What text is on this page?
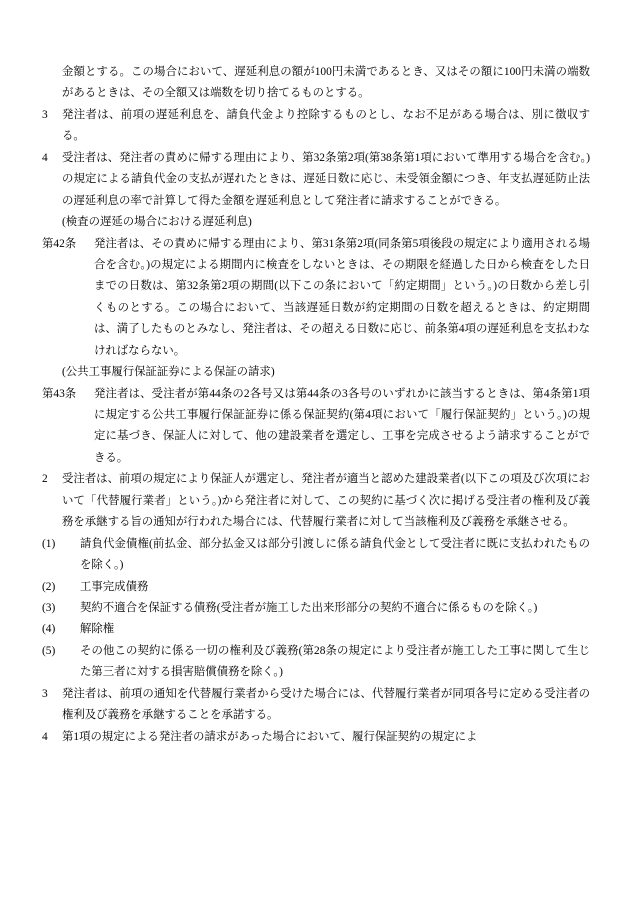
金額とする。この場合において、遅延利息の額が100円未満であるとき、又はその額に100円未満の端数があるときは、その全額又は端数を切り捨てるものとする。

3	発注者は、前項の遅延利息を、請負代金より控除するものとし、なお不足がある場合は、別に徴収する。
4	受注者は、発注者の責めに帰する理由により、第32条第2項(第38条第1項において準用する場合を含む。)の規定による請負代金の支払が遅れたときは、遅延日数に応じ、未受領金額につき、年支払遅延防止法の遅延利息の率で計算して得た金額を遅延利息として発注者に請求することができる。

(検査の遅延の場合における遅延利息)

第42条	発注者は、その責めに帰する理由により、第31条第2項(同条第5項後段の規定により適用される場合を含む。)の規定による期間内に検査をしないときは、その期限を経過した日から検査をした日までの日数は、第32条第2項の期間(以下この条において「約定期間」という。)の日数から差し引くものとする。この場合において、当該遅延日数が約定期間の日数を超えるときは、約定期間は、満了したものとみなし、発注者は、その超える日数に応じ、前条第4項の遅延利息を支払わなければならない。

(公共工事履行保証証券による保証の請求)

第43条	発注者は、受注者が第44条の2各号又は第44条の3各号のいずれかに該当するときは、第4条第1項に規定する公共工事履行保証証券に係る保証契約(第4項において「履行保証契約」という。)の規定に基づき、保証人に対して、他の建設業者を選定し、工事を完成させるよう請求することができる。
2	受注者は、前項の規定により保証人が選定し、発注者が適当と認めた建設業者(以下この項及び次項において「代替履行業者」という。)から発注者に対して、この契約に基づく次に掲げる受注者の権利及び義務を承継する旨の通知が行われた場合には、代替履行業者に対して当該権利及び義務を承継させる。
(1)	請負代金債権(前払金、部分払金又は部分引渡しに係る請負代金として受注者に既に支払われたものを除く。)
(2)	工事完成債務
(3)	契約不適合を保証する債務(受注者が施工した出来形部分の契約不適合に係るものを除く。)
(4)	解除権
(5)	その他この契約に係る一切の権利及び義務(第28条の規定により受注者が施工した工事に関して生じた第三者に対する損害賠償債務を除く。)
3	発注者は、前項の通知を代替履行業者から受けた場合には、代替履行業者が同項各号に定める受注者の権利及び義務を承継することを承諾する。
4	第1項の規定による発注者の請求があった場合において、履行保証契約の規定によ
